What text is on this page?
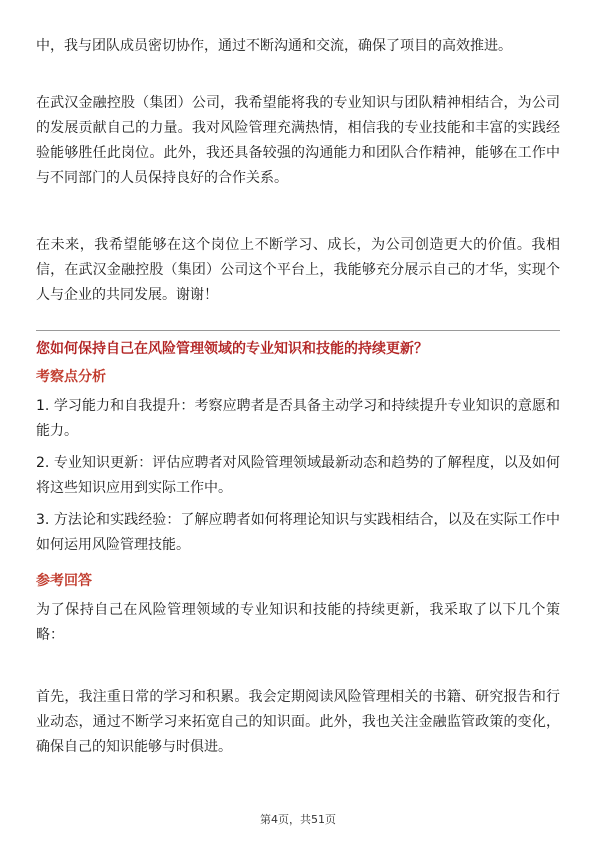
中，我与团队成员密切协作，通过不断沟通和交流，确保了项目的高效推进。

在武汉金融控股（集团）公司，我希望能将我的专业知识与团队精神相结合，为公司的发展贡献自己的力量。我对风险管理充满热情，相信我的专业技能和丰富的实践经验能够胜任此岗位。此外，我还具备较强的沟通能力和团队合作精神，能够在工作中与不同部门的人员保持良好的合作关系。

在未来，我希望能够在这个岗位上不断学习、成长，为公司创造更大的价值。我相信，在武汉金融控股（集团）公司这个平台上，我能够充分展示自己的才华，实现个人与企业的共同发展。谢谢！

您如何保持自己在风险管理领域的专业知识和技能的持续更新？

考察点分析

1. 学习能力和自我提升：考察应聘者是否具备主动学习和持续提升专业知识的意愿和能力。

2. 专业知识更新：评估应聘者对风险管理领域最新动态和趋势的了解程度，以及如何将这些知识应用到实际工作中。

3. 方法论和实践经验：了解应聘者如何将理论知识与实践相结合，以及在实际工作中如何运用风险管理技能。

参考回答

为了保持自己在风险管理领域的专业知识和技能的持续更新，我采取了以下几个策略：

首先，我注重日常的学习和积累。我会定期阅读风险管理相关的书籍、研究报告和行业动态，通过不断学习来拓宽自己的知识面。此外，我也关注金融监管政策的变化，确保自己的知识能够与时俱进。

第4页，共51页
